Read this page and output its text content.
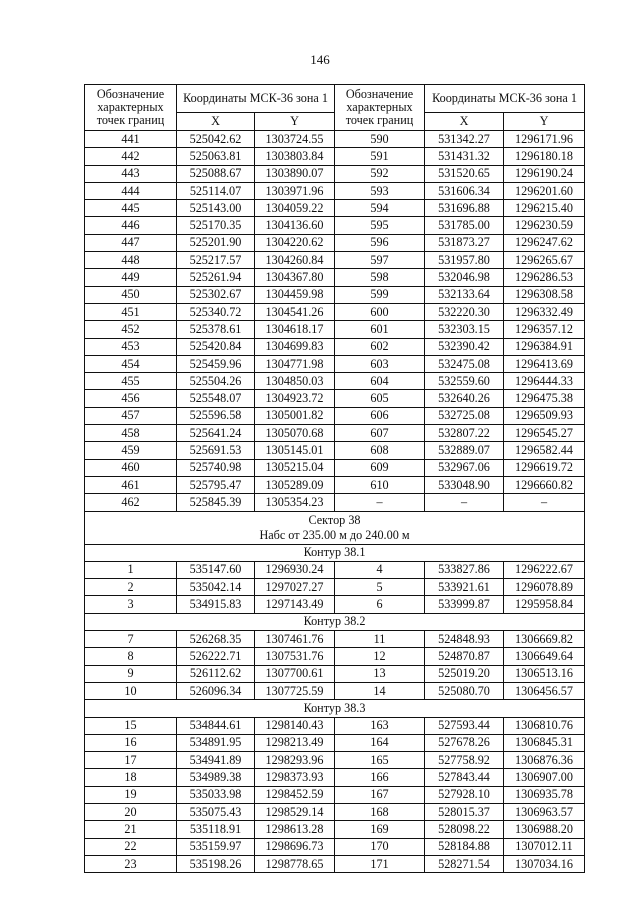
146
Обозначение характерных точек границ	Координаты МСК-36 зона 1		Обозначение характерных точек границ	Координаты МСК-36 зона 1	
	X	Y		X	Y
441	525042.62	1303724.55	590	531342.27	1296171.96
442	525063.81	1303803.84	591	531431.32	1296180.18
443	525088.67	1303890.07	592	531520.65	1296190.24
444	525114.07	1303971.96	593	531606.34	1296201.60
445	525143.00	1304059.22	594	531696.88	1296215.40
446	525170.35	1304136.60	595	531785.00	1296230.59
447	525201.90	1304220.62	596	531873.27	1296247.62
448	525217.57	1304260.84	597	531957.80	1296265.67
449	525261.94	1304367.80	598	532046.98	1296286.53
450	525302.67	1304459.98	599	532133.64	1296308.58
451	525340.72	1304541.26	600	532220.30	1296332.49
452	525378.61	1304618.17	601	532303.15	1296357.12
453	525420.84	1304699.83	602	532390.42	1296384.91
454	525459.96	1304771.98	603	532475.08	1296413.69
455	525504.26	1304850.03	604	532559.60	1296444.33
456	525548.07	1304923.72	605	532640.26	1296475.38
457	525596.58	1305001.82	606	532725.08	1296509.93
458	525641.24	1305070.68	607	532807.22	1296545.27
459	525691.53	1305145.01	608	532889.07	1296582.44
460	525740.98	1305215.04	609	532967.06	1296619.72
461	525795.47	1305289.09	610	533048.90	1296660.82
462	525845.39	1305354.23	–	–	–

Сектор 38
Набс от 235.00 м до 240.00 м					

Контур 38.1					

1	535147.60	1296930.24	4	533827.86	1296222.67
2	535042.14	1297027.27	5	533921.61	1296078.89
3	534915.83	1297143.49	6	533999.87	1295958.84

Контур 38.2					

7	526268.35	1307461.76	11	524848.93	1306669.82
8	526222.71	1307531.76	12	524870.87	1306649.64
9	526112.62	1307700.61	13	525019.20	1306513.16
10	526096.34	1307725.59	14	525080.70	1306456.57

Контур 38.3					

15	534844.61	1298140.43	163	527593.44	1306810.76
16	534891.95	1298213.49	164	527678.26	1306845.31
17	534941.89	1298293.96	165	527758.92	1306876.36
18	534989.38	1298373.93	166	527843.44	1306907.00
19	535033.98	1298452.59	167	527928.10	1306935.78
20	535075.43	1298529.14	168	528015.37	1306963.57
21	535118.91	1298613.28	169	528098.22	1306988.20
22	535159.97	1298696.73	170	528184.88	1307012.11
23	535198.26	1298778.65	171	528271.54	1307034.16
